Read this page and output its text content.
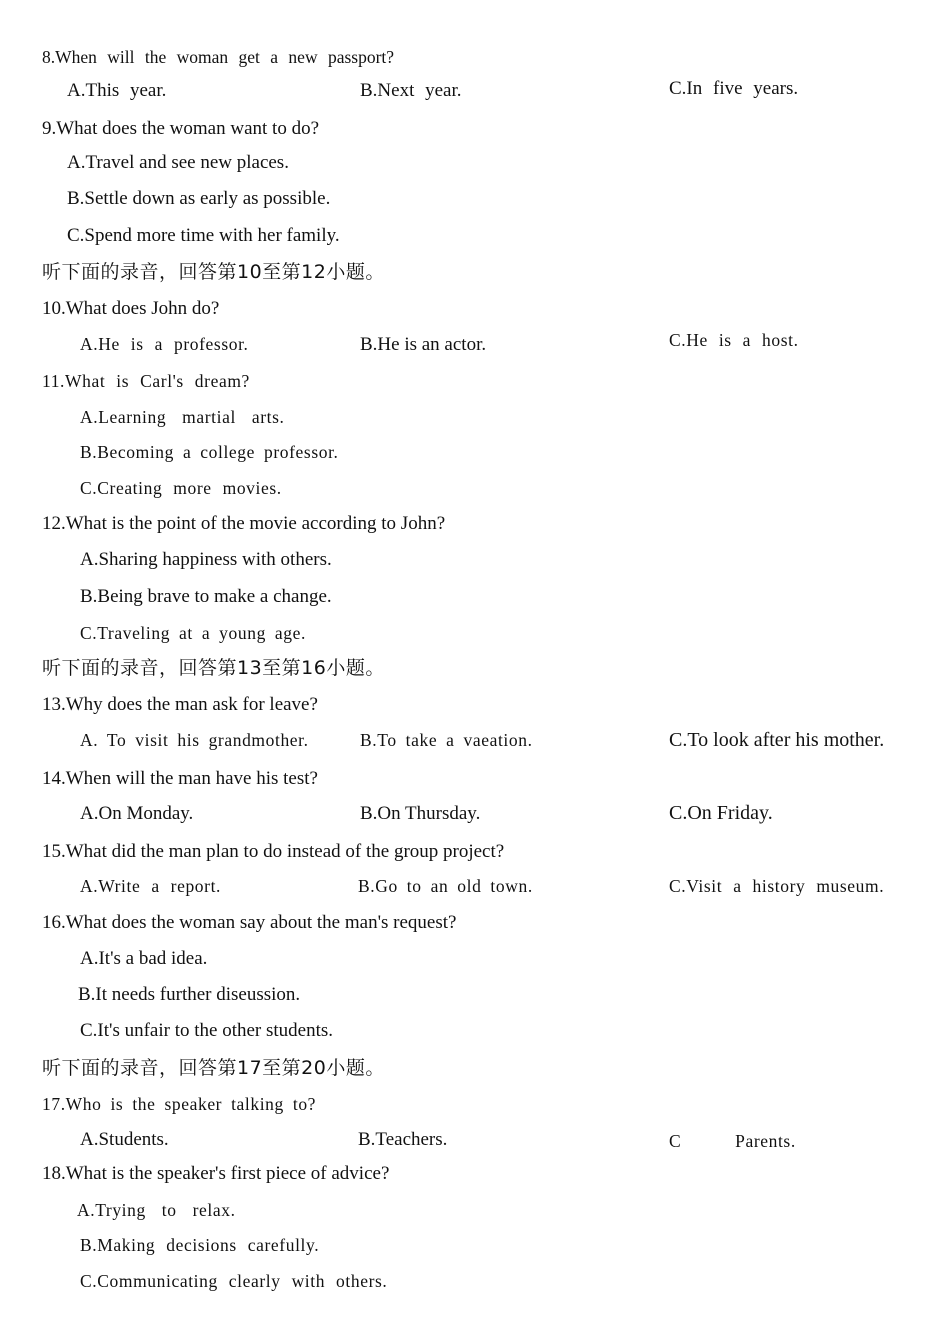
8.When will the woman get a new passport?
A.This year.	B.Next year.	C.In five years.
9.What does the woman want to do?
A.Travel and see new places.
B.Settle down as early as possible.
C.Spend more time with her family.
听下面的录音，回答第10至第12小题。
10.What does John do?
A.He is a professor.	B.He is an actor.	C.He is a host.
11.What is Carl's dream?
A.Learning martial arts.
B.Becoming a college professor.
C.Creating more movies.
12.What is the point of the movie according to John?
A.Sharing happiness with others.
B.Being brave to make a change.
C.Traveling at a young age.
听下面的录音，回答第13至第16小题。
13.Why does the man ask for leave?
A. To visit his grandmother.	B.To take a vaeation.	C.To look after his mother.
14.When will the man have his test?
A.On Monday.	B.On Thursday.	C.On Friday.
15.What did the man plan to do instead of the group project?
A.Write a report.	B.Go to an old town.	C.Visit a history museum.
16.What does the woman say about the man's request?
A.It's a bad idea.
B.It needs further diseussion.
C.It's unfair to the other students.
听下面的录音，回答第17至第20小题。
17.Who is the speaker talking to?
A.Students.	B.Teachers.	C      Parents.
18.What is the speaker's first piece of advice?
A.Trying to relax.
B.Making decisions carefully.
C.Communicating clearly with others.
